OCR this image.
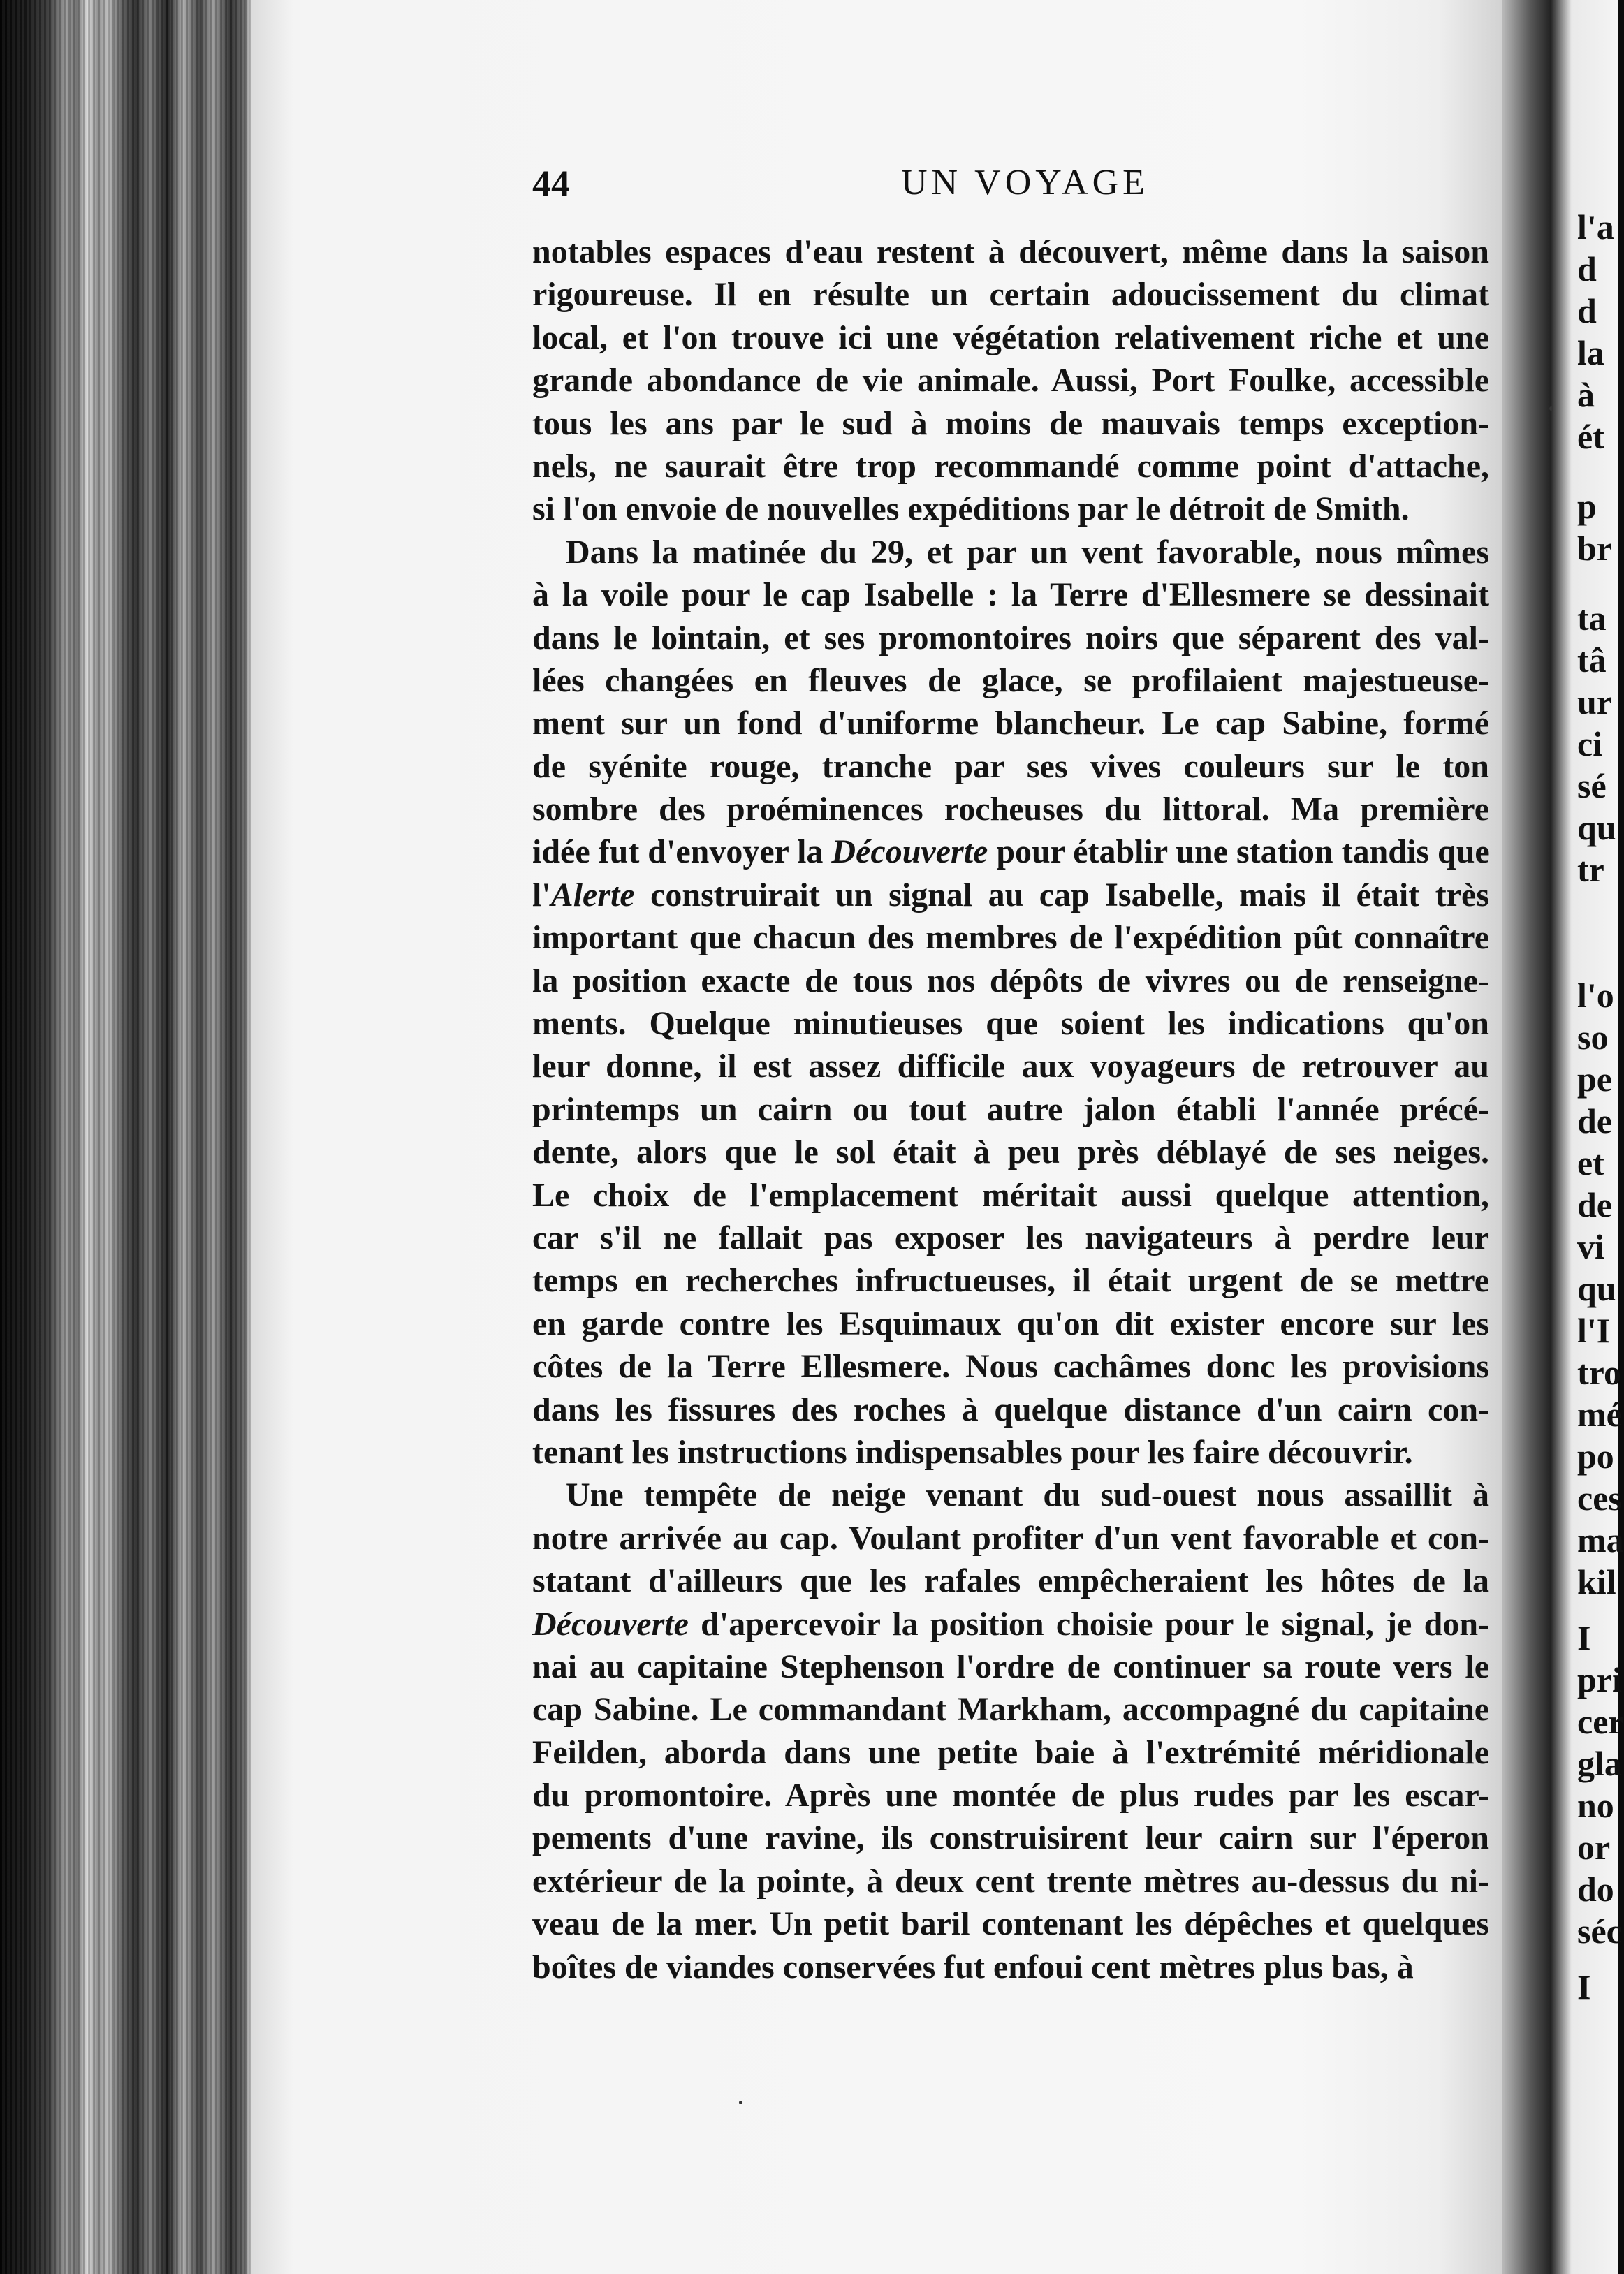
l'a
d
d
la
à
ét
p
br
ta
tâ
ur
ci
sé
qu
tr
l'o
so
pe
de
et
de
vi
qu
l'I
tro
mé
po
ces
ma
kil
I
pri
cer
gla
no
or
do
séc
I
44	UN VOYAGE

notables espaces d'eau restent à découvert, même dans la saison
rigoureuse. Il en résulte un certain adoucissement du climat
local, et l'on trouve ici une végétation relativement riche et une
grande abondance de vie animale. Aussi, Port Foulke, accessible
tous les ans par le sud à moins de mauvais temps exception-
nels, ne saurait être trop recommandé comme point d'attache,
si l'on envoie de nouvelles expéditions par le détroit de Smith.

Dans la matinée du 29, et par un vent favorable, nous mîmes
à la voile pour le cap Isabelle : la Terre d'Ellesmere se dessinait
dans le lointain, et ses promontoires noirs que séparent des val-
lées changées en fleuves de glace, se profilaient majestueuse-
ment sur un fond d'uniforme blancheur. Le cap Sabine, formé
de syénite rouge, tranche par ses vives couleurs sur le ton
sombre des proéminences rocheuses du littoral. Ma première
idée fut d'envoyer la Découverte pour établir une station tandis que
l'Alerte construirait un signal au cap Isabelle, mais il était très
important que chacun des membres de l'expédition pût connaître
la position exacte de tous nos dépôts de vivres ou de renseigne-
ments. Quelque minutieuses que soient les indications qu'on
leur donne, il est assez difficile aux voyageurs de retrouver au
printemps un cairn ou tout autre jalon établi l'année précé-
dente, alors que le sol était à peu près déblayé de ses neiges.
Le choix de l'emplacement méritait aussi quelque attention,
car s'il ne fallait pas exposer les navigateurs à perdre leur
temps en recherches infructueuses, il était urgent de se mettre
en garde contre les Esquimaux qu'on dit exister encore sur les
côtes de la Terre Ellesmere. Nous cachâmes donc les provisions
dans les fissures des roches à quelque distance d'un cairn con-
tenant les instructions indispensables pour les faire découvrir.

Une tempête de neige venant du sud-ouest nous assaillit à
notre arrivée au cap. Voulant profiter d'un vent favorable et con-
statant d'ailleurs que les rafales empêcheraient les hôtes de la
Découverte d'apercevoir la position choisie pour le signal, je don-
nai au capitaine Stephenson l'ordre de continuer sa route vers le
cap Sabine. Le commandant Markham, accompagné du capitaine
Feilden, aborda dans une petite baie à l'extrémité méridionale
du promontoire. Après une montée de plus rudes par les escar-
pements d'une ravine, ils construisirent leur cairn sur l'éperon
extérieur de la pointe, à deux cent trente mètres au-dessus du ni-
veau de la mer. Un petit baril contenant les dépêches et quelques
boîtes de viandes conservées fut enfoui cent mètres plus bas, à
